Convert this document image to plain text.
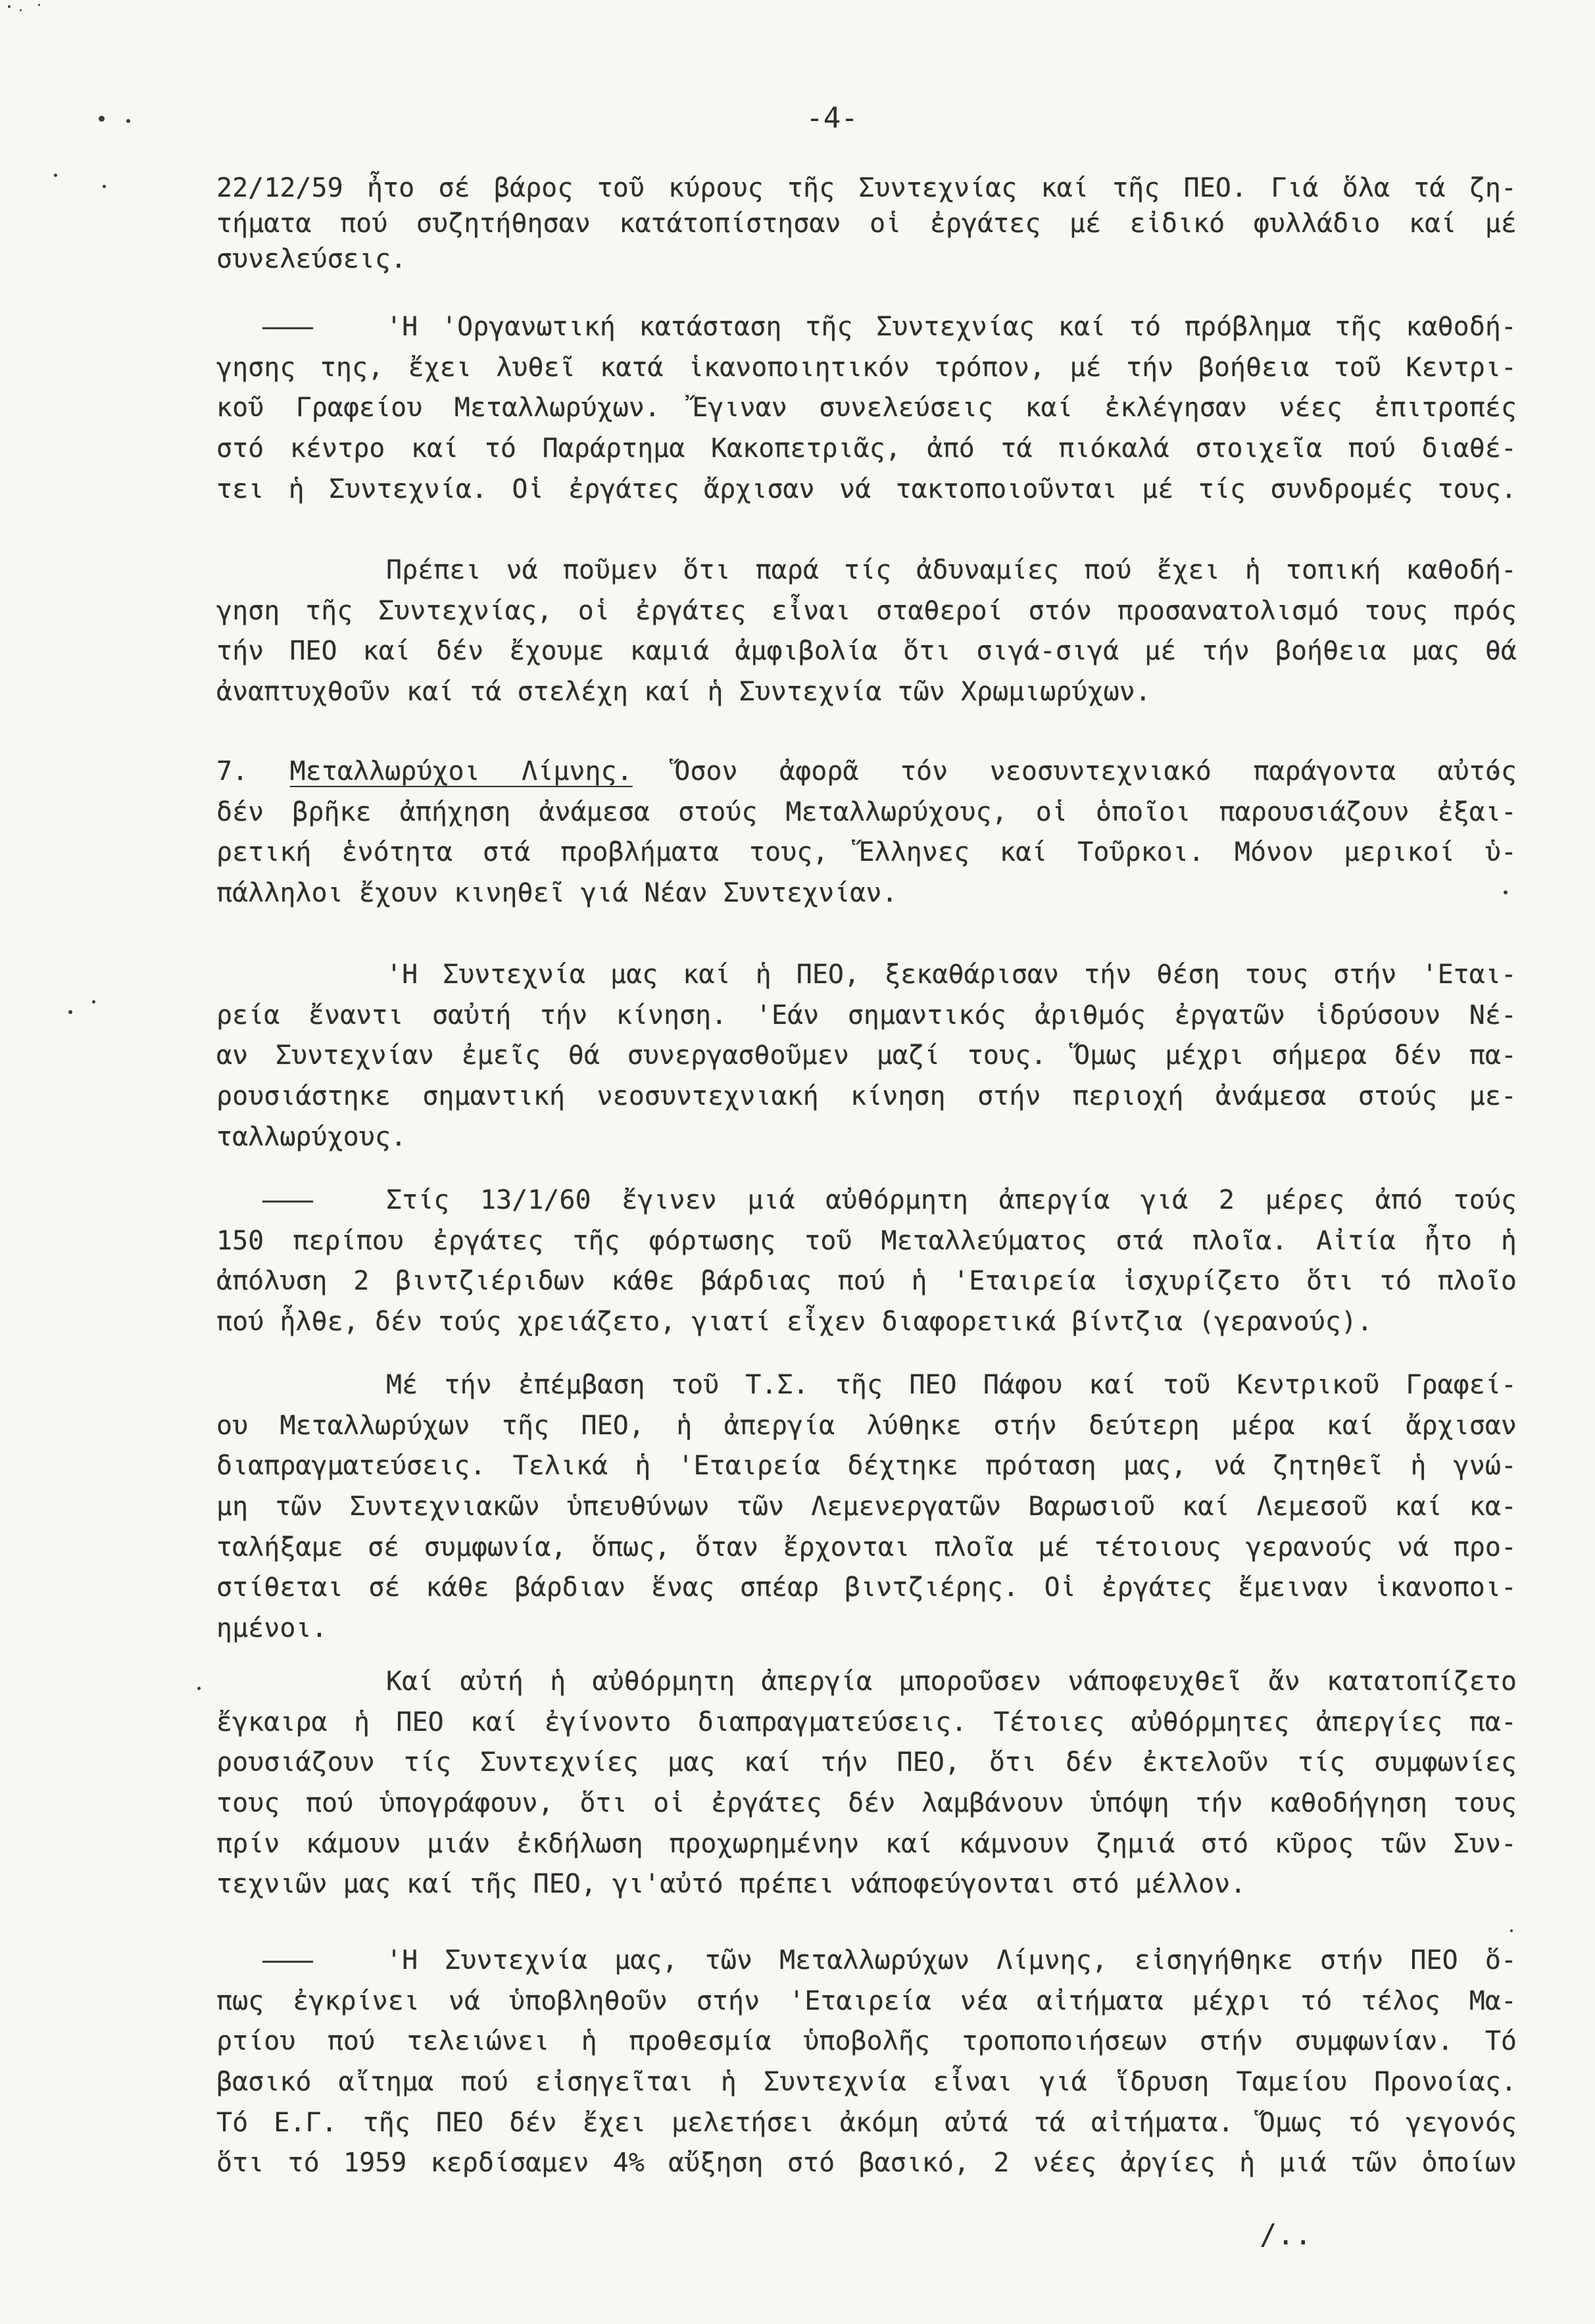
-4-
22/12/59 ἦτο σέ βάρος τοῦ κύρους τῆς Συντεχνίας καί τῆς ΠΕΟ. Γιά ὅλα τά ζη-
τήματα πού συζητήθησαν κατάτοπίστησαν οἱ ἐργάτες μέ εἰδικό φυλλάδιο καί μέ
συνελεύσεις.
——	'Η 'Οργανωτική κατάσταση τῆς Συντεχνίας καί τό πρόβλημα τῆς καθοδή-
γησης της, ἔχει λυθεῖ κατά ἱκανοποιητικόν τρόπον, μέ τήν βοήθεια τοῦ Κεντρι-
κοῦ Γραφείου Μεταλλωρύχων. Ἔγιναν συνελεύσεις καί ἐκλέγησαν νέες ἐπιτροπές
στό κέντρο καί τό Παράρτημα Κακοπετριᾶς, ἀπό τά πιόκαλά στοιχεῖα πού διαθέ-
τει ἡ Συντεχνία. Οἱ ἐργάτες ἄρχισαν νά τακτοποιοῦνται μέ τίς συνδρομές τους.
Πρέπει νά ποῦμεν ὅτι παρά τίς ἀδυναμίες πού ἔχει ἡ τοπική καθοδή-
γηση τῆς Συντεχνίας, οἱ ἐργάτες εἶναι σταθεροί στόν προσανατολισμό τους πρός
τήν ΠΕΟ καί δέν ἔχουμε καμιά ἀμφιβολία ὅτι σιγά-σιγά μέ τήν βοήθεια μας θά
ἀναπτυχθοῦν καί τά στελέχη καί ἡ Συντεχνία τῶν Χρωμιωρύχων.
7. Μεταλλωρύχοι Λίμνης. Ὅσον ἀφορᾶ τόν νεοσυντεχνιακό παράγοντα αὐτός
δέν βρῆκε ἀπήχηση ἀνάμεσα στούς Μεταλλωρύχους, οἱ ὁποῖοι παρουσιάζουν ἐξαι-
ρετική ἑνότητα στά προβλήματα τους, Ἕλληνες καί Τοῦρκοι. Μόνον μερικοί ὑ-
πάλληλοι ἔχουν κινηθεῖ γιά Νέαν Συντεχνίαν.
'Η Συντεχνία μας καί ἡ ΠΕΟ, ξεκαθάρισαν τήν θέση τους στήν 'Εται-
ρεία ἔναντι σαὐτή τήν κίνηση. 'Εάν σημαντικός ἀριθμός ἐργατῶν ἱδρύσουν Νέ-
αν Συντεχνίαν ἐμεῖς θά συνεργασθοῦμεν μαζί τους. Ὅμως μέχρι σήμερα δέν πα-
ρουσιάστηκε σημαντική νεοσυντεχνιακή κίνηση στήν περιοχή ἀνάμεσα στούς με-
ταλλωρύχους.
——	Στίς 13/1/60 ἔγινεν μιά αὐθόρμητη ἀπεργία γιά 2 μέρες ἀπό τούς
150 περίπου ἐργάτες τῆς φόρτωσης τοῦ Μεταλλεύματος στά πλοῖα. Αἰτία ἦτο ἡ
ἀπόλυση 2 βιντζιέριδων κάθε βάρδιας πού ἡ 'Εταιρεία ἰσχυρίζετο ὅτι τό πλοῖο
πού ἦλθε, δέν τούς χρειάζετο, γιατί εἶχεν διαφορετικά βίντζια (γερανούς).
Μέ τήν ἐπέμβαση τοῦ Τ.Σ. τῆς ΠΕΟ Πάφου καί τοῦ Κεντρικοῦ Γραφεί-
ου Μεταλλωρύχων τῆς ΠΕΟ, ἡ ἀπεργία λύθηκε στήν δεύτερη μέρα καί ἄρχισαν
διαπραγματεύσεις. Τελικά ἡ 'Εταιρεία δέχτηκε πρόταση μας, νά ζητηθεῖ ἡ γνώ-
μη τῶν Συντεχνιακῶν ὑπευθύνων τῶν Λεμενεργατῶν Βαρωσιοῦ καί Λεμεσοῦ καί κα-
ταλήξαμε σέ συμφωνία, ὅπως, ὅταν ἔρχονται πλοῖα μέ τέτοιους γερανούς νά προ-
στίθεται σέ κάθε βάρδιαν ἕνας σπέαρ βιντζιέρης. Οἱ ἐργάτες ἔμειναν ἱκανοποι-
ημένοι.
Καί αὐτή ἡ αὐθόρμητη ἀπεργία μποροῦσεν νάποφευχθεῖ ἄν κατατοπίζετο
ἔγκαιρα ἡ ΠΕΟ καί ἐγίνοντο διαπραγματεύσεις. Τέτοιες αὐθόρμητες ἀπεργίες πα-
ρουσιάζουν τίς Συντεχνίες μας καί τήν ΠΕΟ, ὅτι δέν ἐκτελοῦν τίς συμφωνίες
τους πού ὑπογράφουν, ὅτι οἱ ἐργάτες δέν λαμβάνουν ὑπόψη τήν καθοδήγηση τους
πρίν κάμουν μιάν ἐκδήλωση προχωρημένην καί κάμνουν ζημιά στό κῦρος τῶν Συν-
τεχνιῶν μας καί τῆς ΠΕΟ, γι'αὐτό πρέπει νάποφεύγονται στό μέλλον.
——	'Η Συντεχνία μας, τῶν Μεταλλωρύχων Λίμνης, εἰσηγήθηκε στήν ΠΕΟ ὅ-
πως ἐγκρίνει νά ὑποβληθοῦν στήν 'Εταιρεία νέα αἰτήματα μέχρι τό τέλος Μα-
ρτίου πού τελειώνει ἡ προθεσμία ὑποβολῆς τροποποιήσεων στήν συμφωνίαν. Τό
βασικό αἴτημα πού εἰσηγεῖται ἡ Συντεχνία εἶναι γιά ἵδρυση Ταμείου Προνοίας.
Τό Ε.Γ. τῆς ΠΕΟ δέν ἔχει μελετήσει ἀκόμη αὐτά τά αἰτήματα. Ὅμως τό γεγονός
ὅτι τό 1959 κερδίσαμεν 4% αὔξηση στό βασικό, 2 νέες ἀργίες ἡ μιά τῶν ὁποίων
/..
